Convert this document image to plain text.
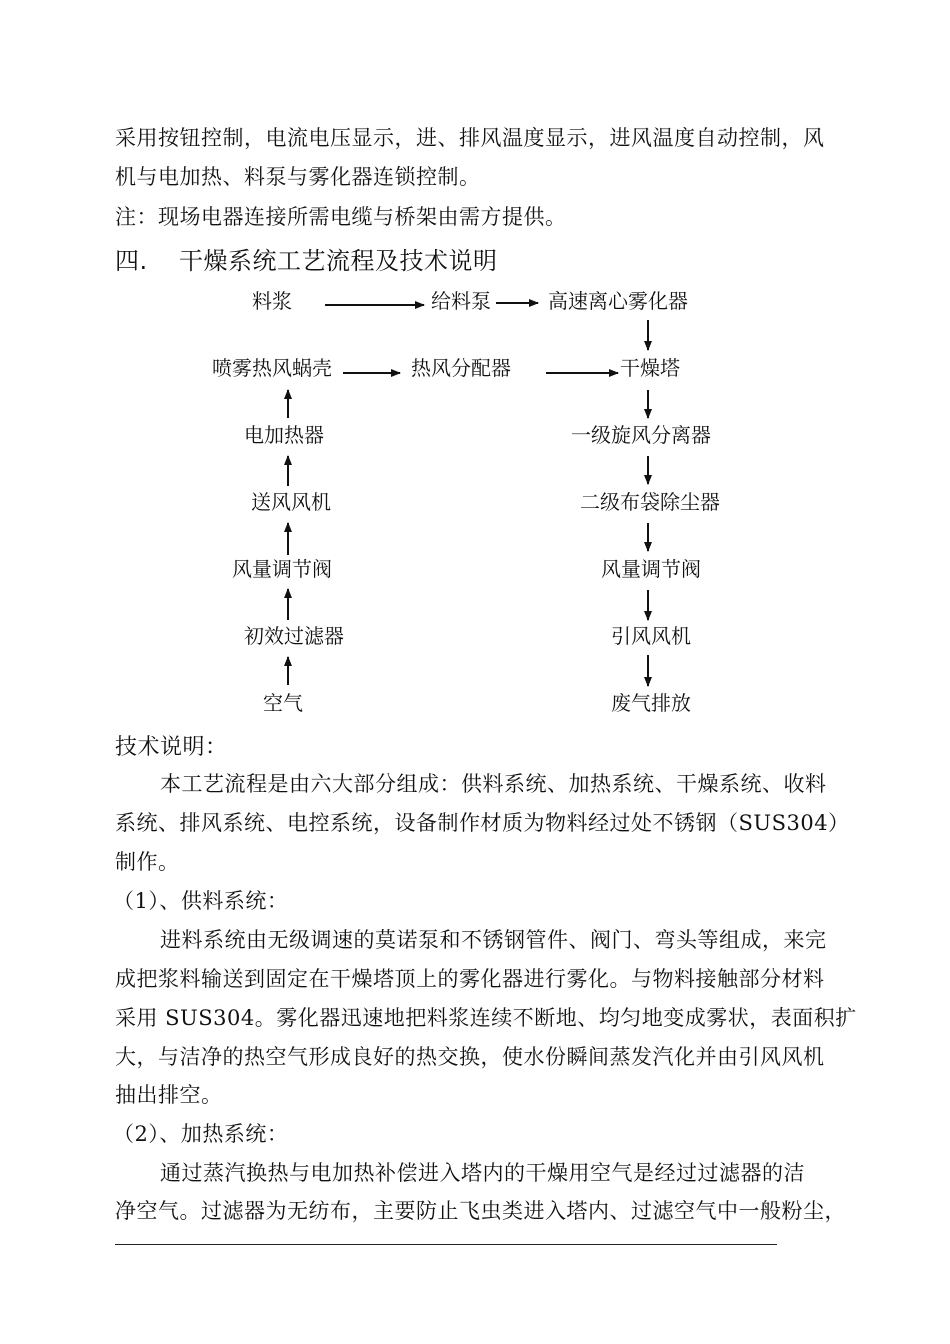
采用按钮控制，电流电压显示，进、排风温度显示，进风温度自动控制，风
机与电加热、料泵与雾化器连锁控制。
注：现场电器连接所需电缆与桥架由需方提供。
四. 干燥系统工艺流程及技术说明
料浆	给料泵	高速离心雾化器
喷雾热风蜗壳	热风分配器	干燥塔
电加热器	一级旋风分离器
送风风机	二级布袋除尘器
风量调节阀	风量调节阀
初效过滤器	引风风机
空气	废气排放
技术说明：
本工艺流程是由六大部分组成：供料系统、加热系统、干燥系统、收料
系统、排风系统、电控系统，设备制作材质为物料经过处不锈钢（SUS304）
制作。
（1）、供料系统：
进料系统由无级调速的莫诺泵和不锈钢管件、阀门、弯头等组成，来完
成把浆料输送到固定在干燥塔顶上的雾化器进行雾化。与物料接触部分材料
采用 SUS304。雾化器迅速地把料浆连续不断地、均匀地变成雾状，表面积扩
大，与洁净的热空气形成良好的热交换，使水份瞬间蒸发汽化并由引风风机
抽出排空。
（2）、加热系统：
通过蒸汽换热与电加热补偿进入塔内的干燥用空气是经过过滤器的洁
净空气。过滤器为无纺布，主要防止飞虫类进入塔内、过滤空气中一般粉尘，
